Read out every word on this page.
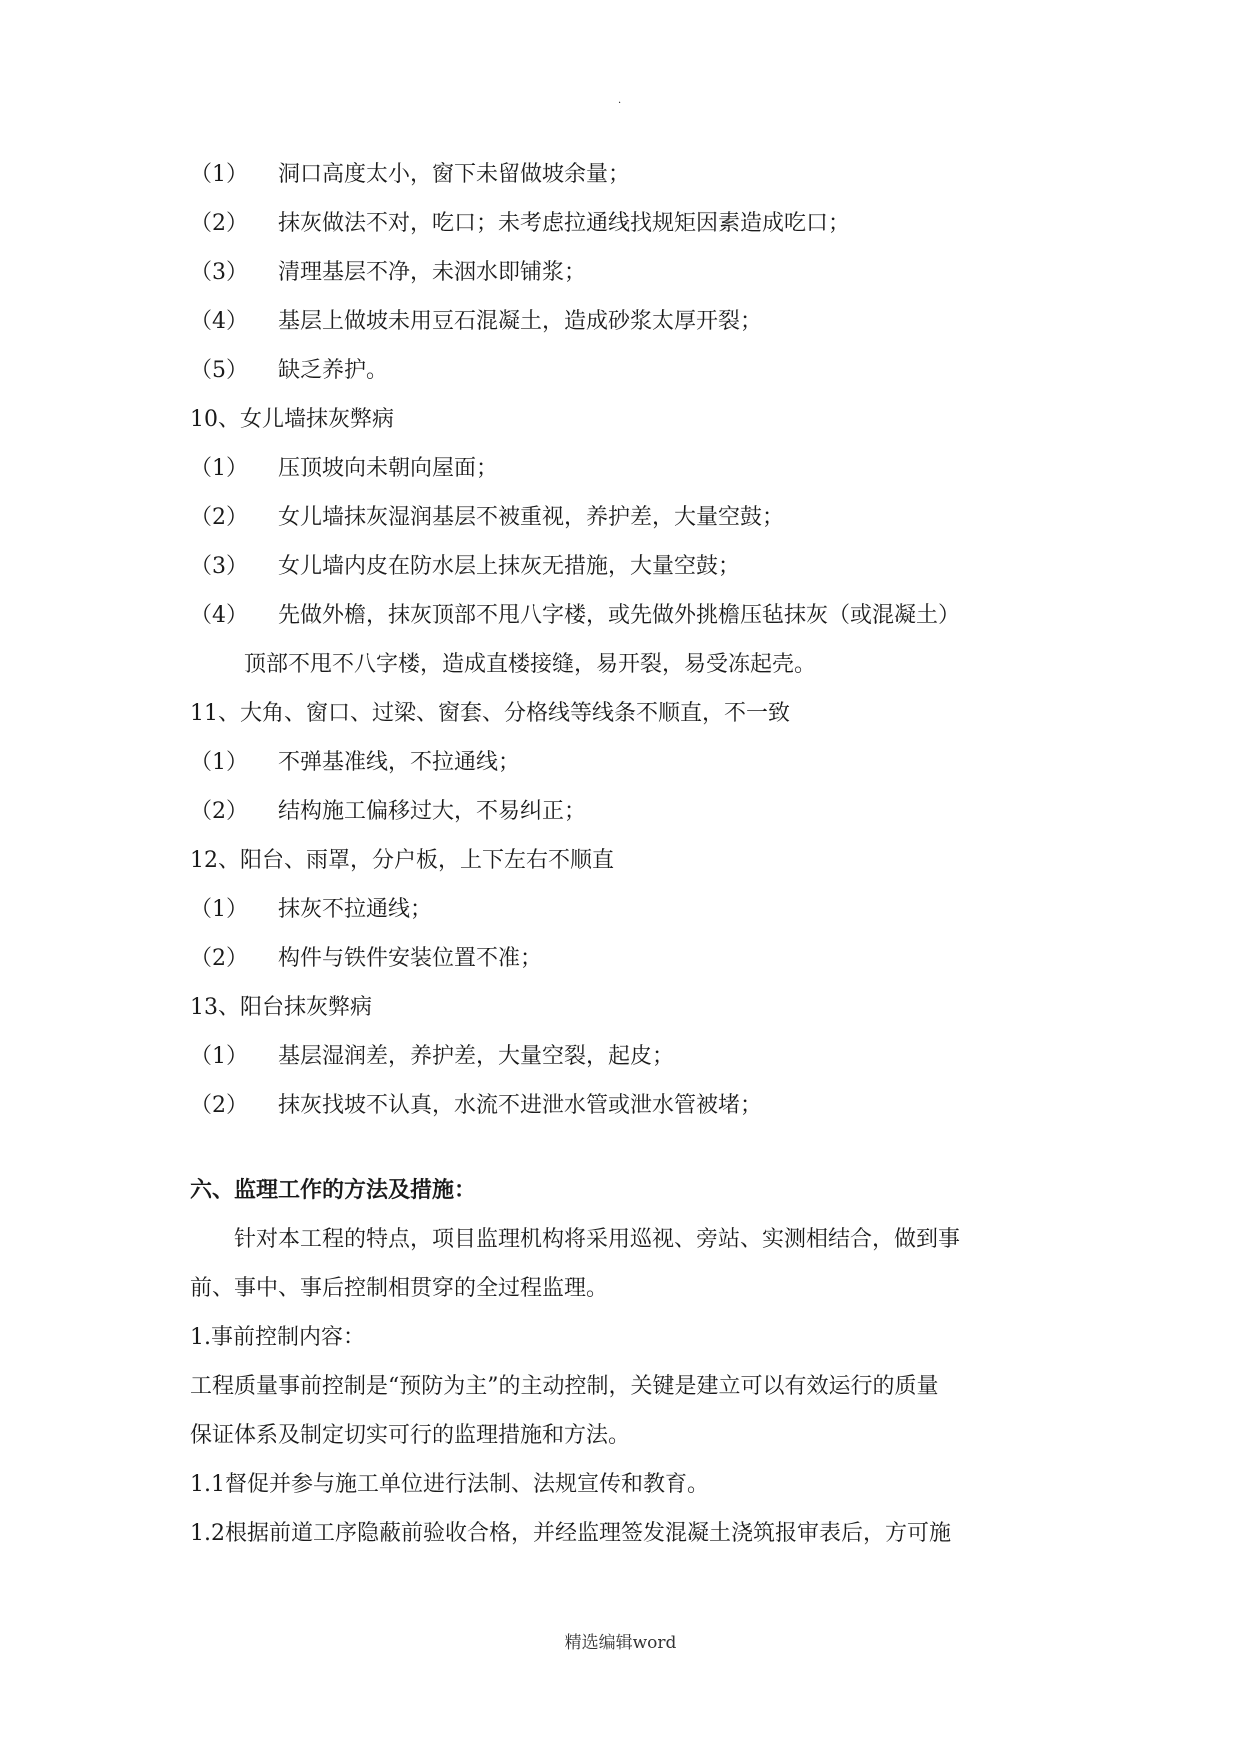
.
（1）	洞口高度太小，窗下未留做坡余量；
（2）	抹灰做法不对，吃口；未考虑拉通线找规矩因素造成吃口；
（3）	清理基层不净，未洇水即铺浆；
（4）	基层上做坡未用豆石混凝土，造成砂浆太厚开裂；
（5）	缺乏养护。
10、女儿墙抹灰弊病
（1）	压顶坡向未朝向屋面；
（2）	女儿墙抹灰湿润基层不被重视，养护差，大量空鼓；
（3）	女儿墙内皮在防水层上抹灰无措施，大量空鼓；
（4）	先做外檐，抹灰顶部不甩八字楼，或先做外挑檐压毡抹灰（或混凝土）
顶部不甩不八字楼，造成直楼接缝，易开裂，易受冻起壳。
11、大角、窗口、过梁、窗套、分格线等线条不顺直，不一致
（1）	不弹基准线，不拉通线；
（2）	结构施工偏移过大，不易纠正；
12、阳台、雨罩，分户板，上下左右不顺直
（1）	抹灰不拉通线；
（2）	构件与铁件安装位置不准；
13、阳台抹灰弊病
（1）	基层湿润差，养护差，大量空裂，起皮；
（2）	抹灰找坡不认真，水流不进泄水管或泄水管被堵；
六、监理工作的方法及措施：
针对本工程的特点，项目监理机构将采用巡视、旁站、实测相结合，做到事
前、事中、事后控制相贯穿的全过程监理。
1.事前控制内容：
工程质量事前控制是“预防为主”的主动控制，关键是建立可以有效运行的质量
保证体系及制定切实可行的监理措施和方法。
1.1督促并参与施工单位进行法制、法规宣传和教育。
1.2根据前道工序隐蔽前验收合格，并经监理签发混凝土浇筑报审表后，方可施
精选编辑word
